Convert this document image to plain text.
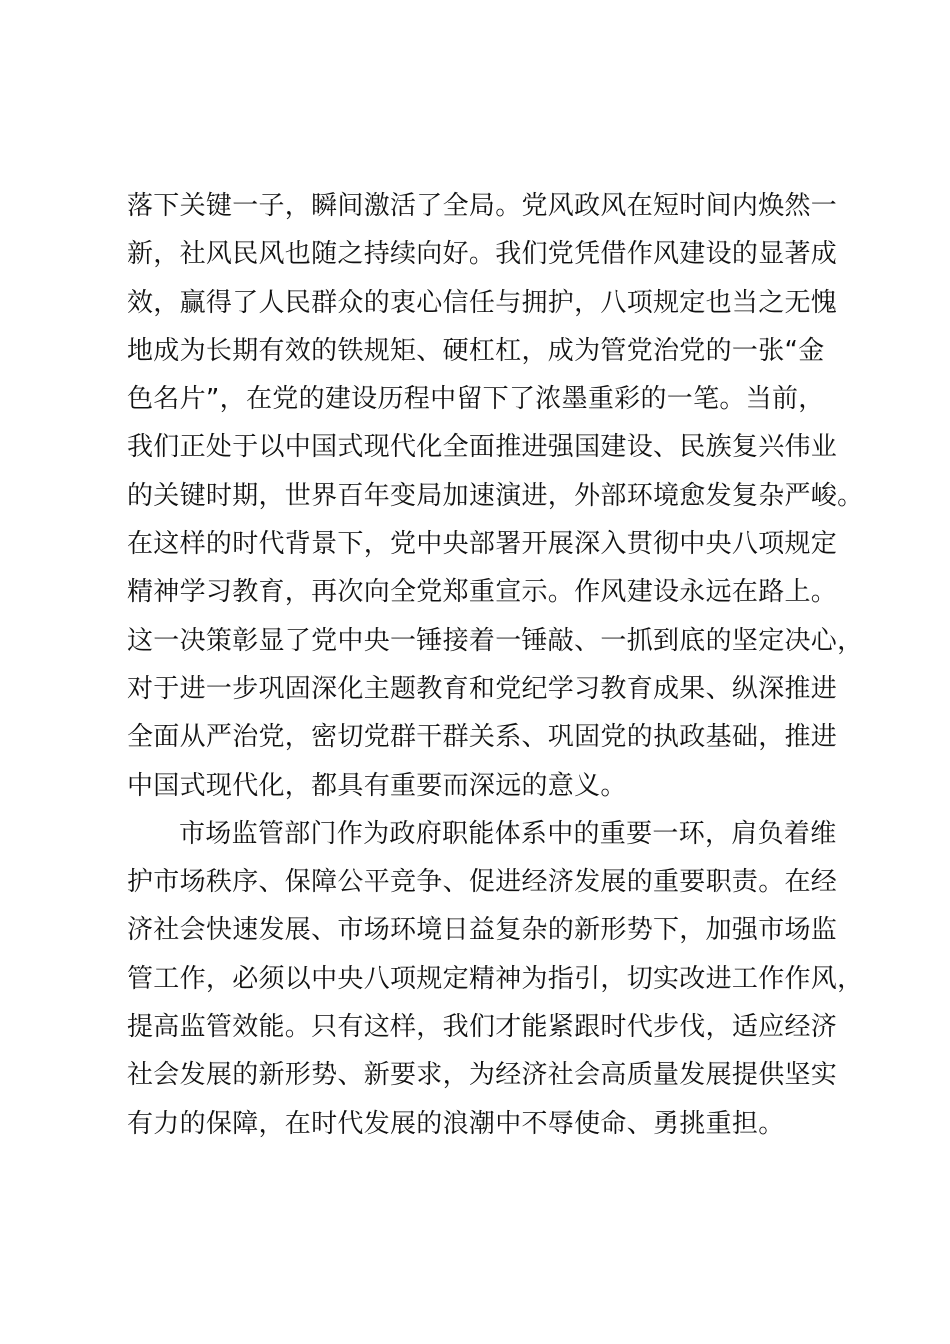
落下关键一子，瞬间激活了全局。党风政风在短时间内焕然一
新，社风民风也随之持续向好。我们党凭借作风建设的显著成
效，赢得了人民群众的衷心信任与拥护，八项规定也当之无愧
地成为长期有效的铁规矩、硬杠杠，成为管党治党的一张“金
色名片”，在党的建设历程中留下了浓墨重彩的一笔。当前，
我们正处于以中国式现代化全面推进强国建设、民族复兴伟业
的关键时期，世界百年变局加速演进，外部环境愈发复杂严峻。
在这样的时代背景下，党中央部署开展深入贯彻中央八项规定
精神学习教育，再次向全党郑重宣示。作风建设永远在路上。
这一决策彰显了党中央一锤接着一锤敲、一抓到底的坚定决心，
对于进一步巩固深化主题教育和党纪学习教育成果、纵深推进
全面从严治党，密切党群干群关系、巩固党的执政基础，推进
中国式现代化，都具有重要而深远的意义。
市场监管部门作为政府职能体系中的重要一环，肩负着维
护市场秩序、保障公平竞争、促进经济发展的重要职责。在经
济社会快速发展、市场环境日益复杂的新形势下，加强市场监
管工作，必须以中央八项规定精神为指引，切实改进工作作风，
提高监管效能。只有这样，我们才能紧跟时代步伐，适应经济
社会发展的新形势、新要求，为经济社会高质量发展提供坚实
有力的保障，在时代发展的浪潮中不辱使命、勇挑重担。
